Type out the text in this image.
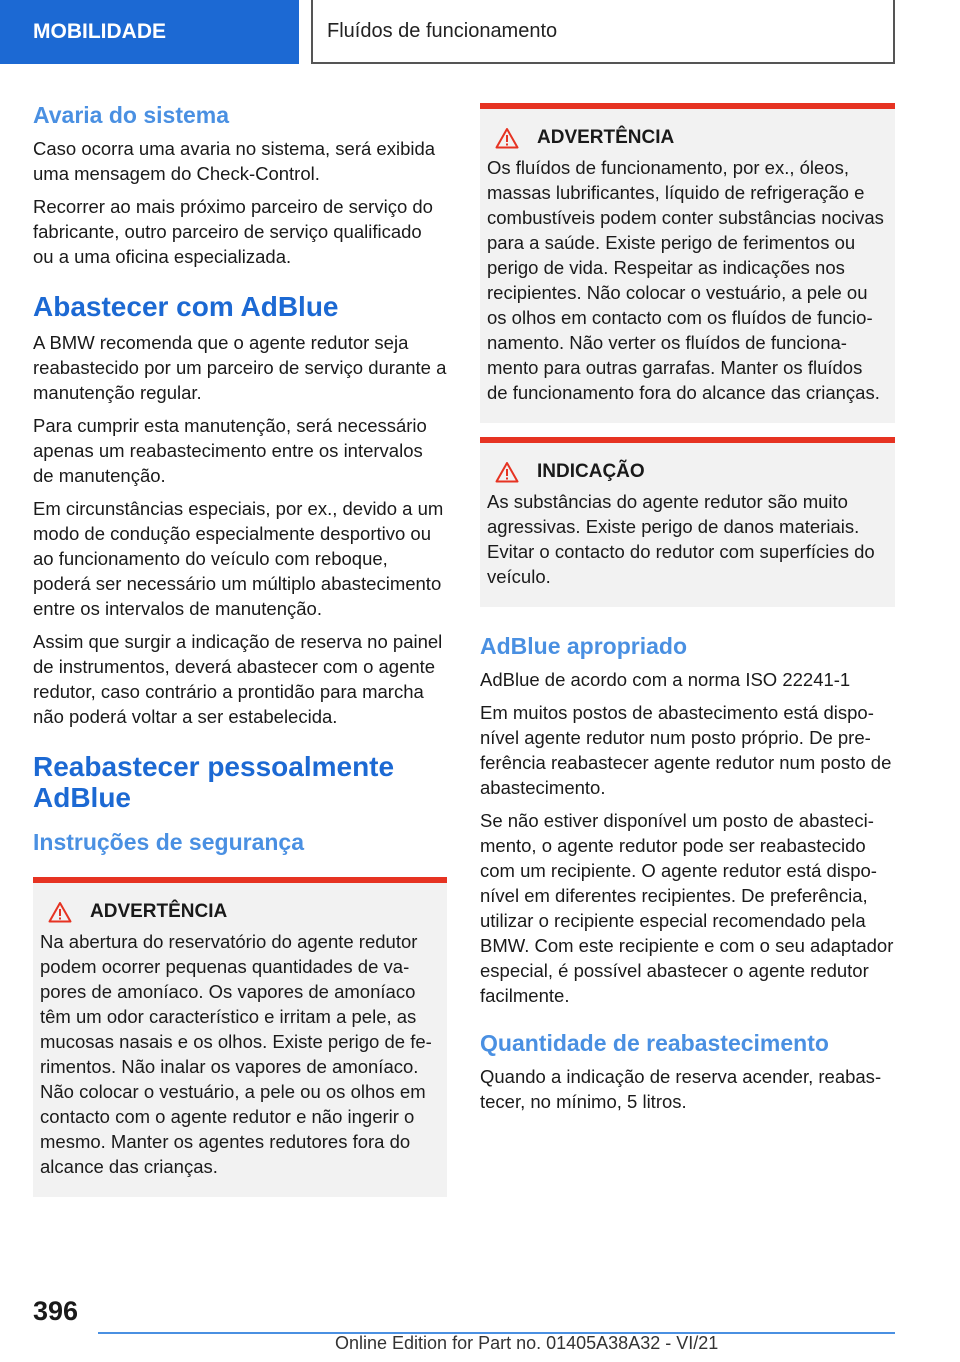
MOBILIDADE	Fluídos de funcionamento
Avaria do sistema

Caso ocorra uma avaria no sistema, será exibida uma mensagem do Check-Control.

Recorrer ao mais próximo parceiro de serviço do fabricante, outro parceiro de serviço qualificado ou a uma oficina especializada.

Abastecer com AdBlue

A BMW recomenda que o agente redutor seja reabastecido por um parceiro de serviço durante a manutenção regular.

Para cumprir esta manutenção, será necessário apenas um reabastecimento entre os intervalos de manutenção.

Em circunstâncias especiais, por ex., devido a um modo de condução especialmente desportivo ou ao funcionamento do veículo com reboque, poderá ser necessário um múltiplo abastecimento entre os intervalos de manutenção.

Assim que surgir a indicação de reserva no painel de instrumentos, deverá abastecer com o agente redutor, caso contrário a prontidão para marcha não poderá voltar a ser estabelecida.

Reabastecer pessoalmente AdBlue
Instruções de segurança
ADVERTÊNCIA

Na abertura do reservatório do agente redutor podem ocorrer pequenas quantidades de vapores de amoníaco. Os vapores de amoníaco têm um odor característico e irritam a pele, as mucosas nasais e os olhos. Existe perigo de ferimentos. Não inalar os vapores de amoníaco. Não colocar o vestuário, a pele ou os olhos em contacto com o agente redutor e não ingerir o mesmo. Manter os agentes redutores fora do alcance das crianças.

ADVERTÊNCIA

Os fluídos de funcionamento, por ex., óleos, massas lubrificantes, líquido de refrigeração e combustíveis podem conter substâncias nocivas para a saúde. Existe perigo de ferimentos ou perigo de vida. Respeitar as indicações nos recipientes. Não colocar o vestuário, a pele ou os olhos em contacto com os fluídos de funcionamento. Não verter os fluídos de funcionamento para outras garrafas. Manter os fluídos de funcionamento fora do alcance das crianças.

INDICAÇÃO

As substâncias do agente redutor são muito agressivas. Existe perigo de danos materiais. Evitar o contacto do redutor com superfícies do veículo.

AdBlue apropriado

AdBlue de acordo com a norma ISO 22241-1

Em muitos postos de abastecimento está disponível agente redutor num posto próprio. De preferência reabastecer agente redutor num posto de abastecimento.

Se não estiver disponível um posto de abastecimento, o agente redutor pode ser reabastecido com um recipiente. O agente redutor está disponível em diferentes recipientes. De preferência, utilizar o recipiente especial recomendado pela BMW. Com este recipiente e com o seu adaptador especial, é possível abastecer o agente redutor facilmente.

Quantidade de reabastecimento

Quando a indicação de reserva acender, reabastecer, no mínimo, 5 litros.

396
Online Edition for Part no. 01405A38A32 - VI/21
